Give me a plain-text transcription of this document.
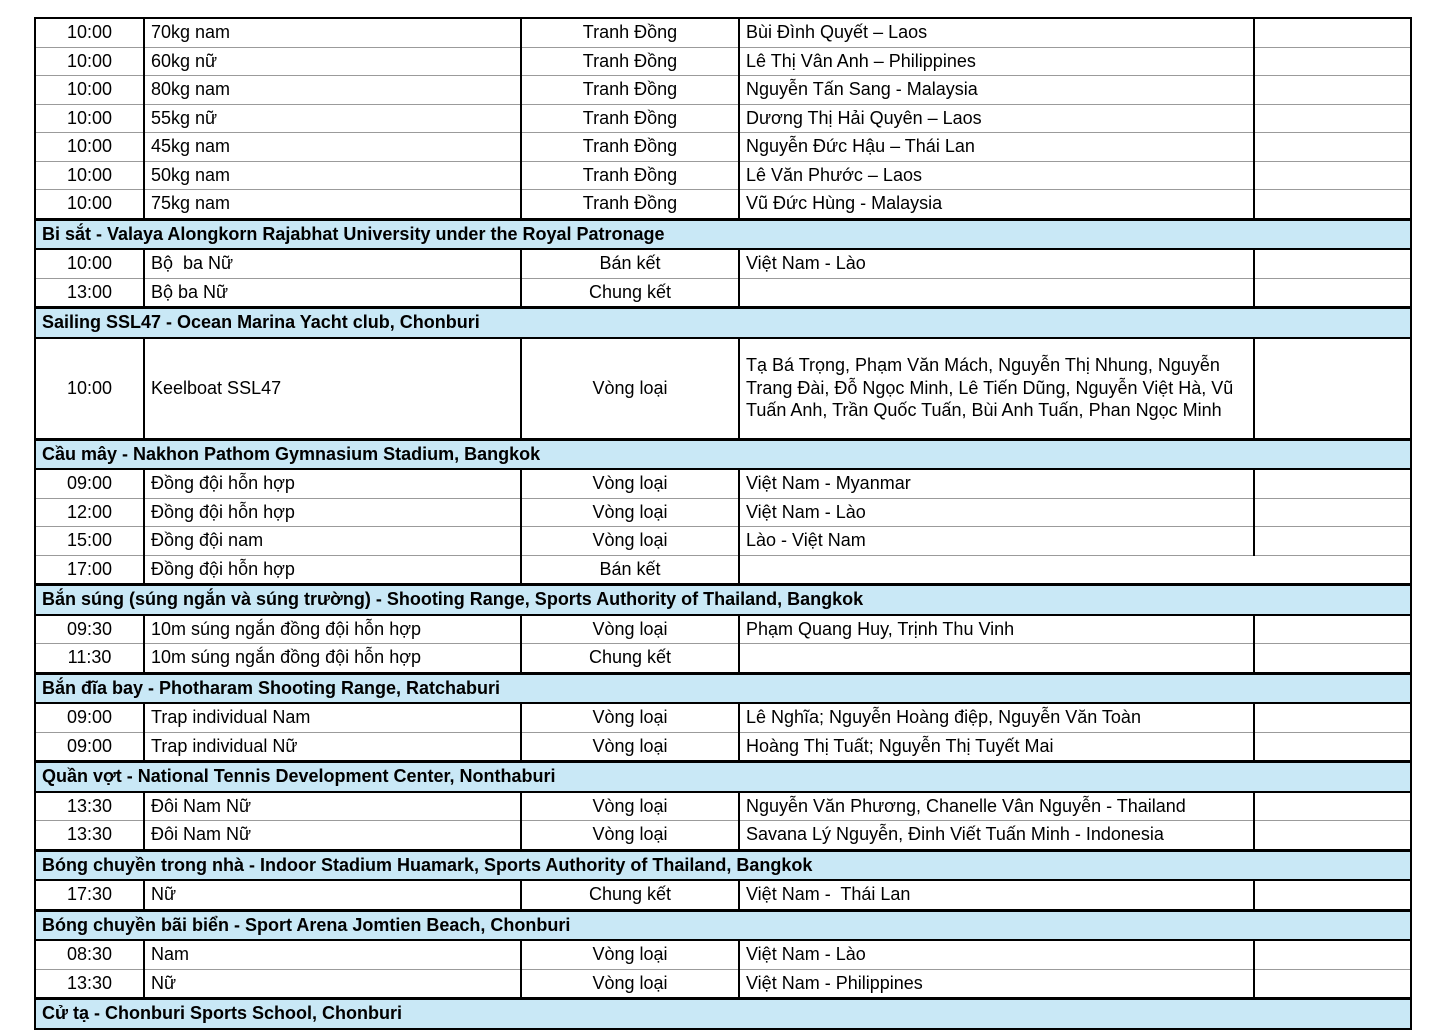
10:00	70kg nam	Tranh Đồng	Bùi Đình Quyết – Laos	
10:00	60kg nữ	Tranh Đồng	Lê Thị Vân Anh – Philippines	
10:00	80kg nam	Tranh Đồng	Nguyễn Tấn Sang - Malaysia	
10:00	55kg nữ	Tranh Đồng	Dương Thị Hải Quyên – Laos	
10:00	45kg nam	Tranh Đồng	Nguyễn Đức Hậu – Thái Lan	
10:00	50kg nam	Tranh Đồng	Lê Văn Phước – Laos	
10:00	75kg nam	Tranh Đồng	Vũ Đức Hùng - Malaysia	
Bi sắt - Valaya Alongkorn Rajabhat University under the Royal Patronage				
10:00	Bộ  ba Nữ	Bán kết	Việt Nam - Lào	
13:00	Bộ ba Nữ	Chung kết		
Sailing SSL47 - Ocean Marina Yacht club, Chonburi				
10:00	Keelboat SSL47	Vòng loại	Tạ Bá Trọng, Phạm Văn Mách, Nguyễn Thị Nhung, Nguyễn Trang Đài, Đỗ Ngọc Minh, Lê Tiến Dũng, Nguyễn Việt Hà, Vũ Tuấn Anh, Trần Quốc Tuấn, Bùi Anh Tuấn, Phan Ngọc Minh	
Cầu mây - Nakhon Pathom Gymnasium Stadium, Bangkok				
09:00	Đồng đội hỗn hợp	Vòng loại	Việt Nam - Myanmar	
12:00	Đồng đội hỗn hợp	Vòng loại	Việt Nam - Lào	
15:00	Đồng đội nam	Vòng loại	Lào - Việt Nam	
17:00	Đồng đội hỗn hợp	Bán kết		
Bắn súng (súng ngắn và súng trường) - Shooting Range, Sports Authority of Thailand, Bangkok				
09:30	10m súng ngắn đồng đội hỗn hợp	Vòng loại	Phạm Quang Huy, Trịnh Thu Vinh	
11:30	10m súng ngắn đồng đội hỗn hợp	Chung kết		
Bắn đĩa bay - Photharam Shooting Range, Ratchaburi				
09:00	Trap individual Nam	Vòng loại	Lê Nghĩa; Nguyễn Hoàng điệp, Nguyễn Văn Toàn	
09:00	Trap individual Nữ	Vòng loại	Hoàng Thị Tuất; Nguyễn Thị Tuyết Mai	
Quần vợt - National Tennis Development Center, Nonthaburi				
13:30	Đôi Nam Nữ	Vòng loại	Nguyễn Văn Phương, Chanelle Vân Nguyễn - Thailand	
13:30	Đôi Nam Nữ	Vòng loại	Savana Lý Nguyễn, Đinh Viết Tuấn Minh - Indonesia	
Bóng chuyền trong nhà - Indoor Stadium Huamark, Sports Authority of Thailand, Bangkok				
17:30	Nữ	Chung kết	Việt Nam -  Thái Lan	
Bóng chuyền bãi biển - Sport Arena Jomtien Beach, Chonburi				
08:30	Nam	Vòng loại	Việt Nam - Lào	
13:30	Nữ	Vòng loại	Việt Nam - Philippines	
Cử tạ - Chonburi Sports School, Chonburi				
